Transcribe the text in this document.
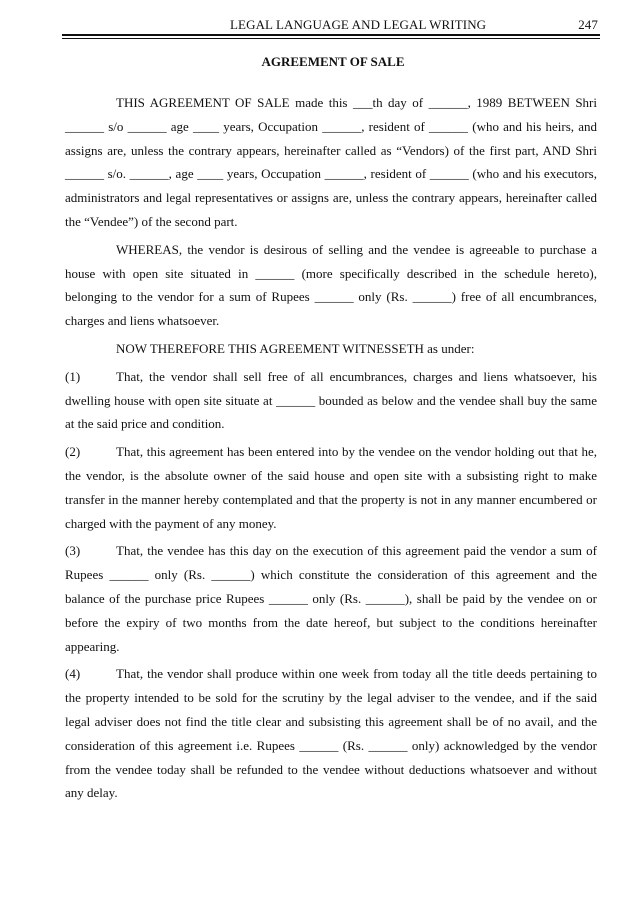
LEGAL LANGUAGE AND LEGAL WRITING	247
AGREEMENT OF SALE

THIS AGREEMENT OF SALE made this ___th day of ______, 1989 BETWEEN Shri ______ s/o ______ age ____ years, Occupation ______, resident of ______ (who and his heirs, and assigns are, unless the contrary appears, hereinafter called as “Vendors) of the first part, AND Shri ______ s/o. ______, age ____ years, Occupation ______, resident of ______ (who and his executors, administrators and legal representatives or assigns are, unless the contrary appears, hereinafter called the “Vendee”) of the second part.

WHEREAS, the vendor is desirous of selling and the vendee is agreeable to purchase a house with open site situated in ______ (more specifically described in the schedule hereto), belonging to the vendor for a sum of Rupees ______ only (Rs. ______) free of all encumbrances, charges and liens whatsoever.

NOW THEREFORE THIS AGREEMENT WITNESSETH as under:

(1)	That, the vendor shall sell free of all encumbrances, charges and liens whatsoever, his dwelling house with open site situate at ______ bounded as below and the vendee shall buy the same at the said price and condition.

(2)	That, this agreement has been entered into by the vendee on the vendor holding out that he, the vendor, is the absolute owner of the said house and open site with a subsisting right to make transfer in the manner hereby contemplated and that the property is not in any manner encumbered or charged with the payment of any money.

(3)	That, the vendee has this day on the execution of this agreement paid the vendor a sum of Rupees ______ only (Rs. ______) which constitute the consideration of this agreement and the balance of the purchase price Rupees ______ only (Rs. ______), shall be paid by the vendee on or before the expiry of two months from the date hereof, but subject to the conditions hereinafter appearing.

(4)	That, the vendor shall produce within one week from today all the title deeds pertaining to the property intended to be sold for the scrutiny by the legal adviser to the vendee, and if the said legal adviser does not find the title clear and subsisting this agreement shall be of no avail, and the consideration of this agreement i.e. Rupees ______ (Rs. ______ only) acknowledged by the vendor from the vendee today shall be refunded to the vendee without deductions whatsoever and without any delay.
